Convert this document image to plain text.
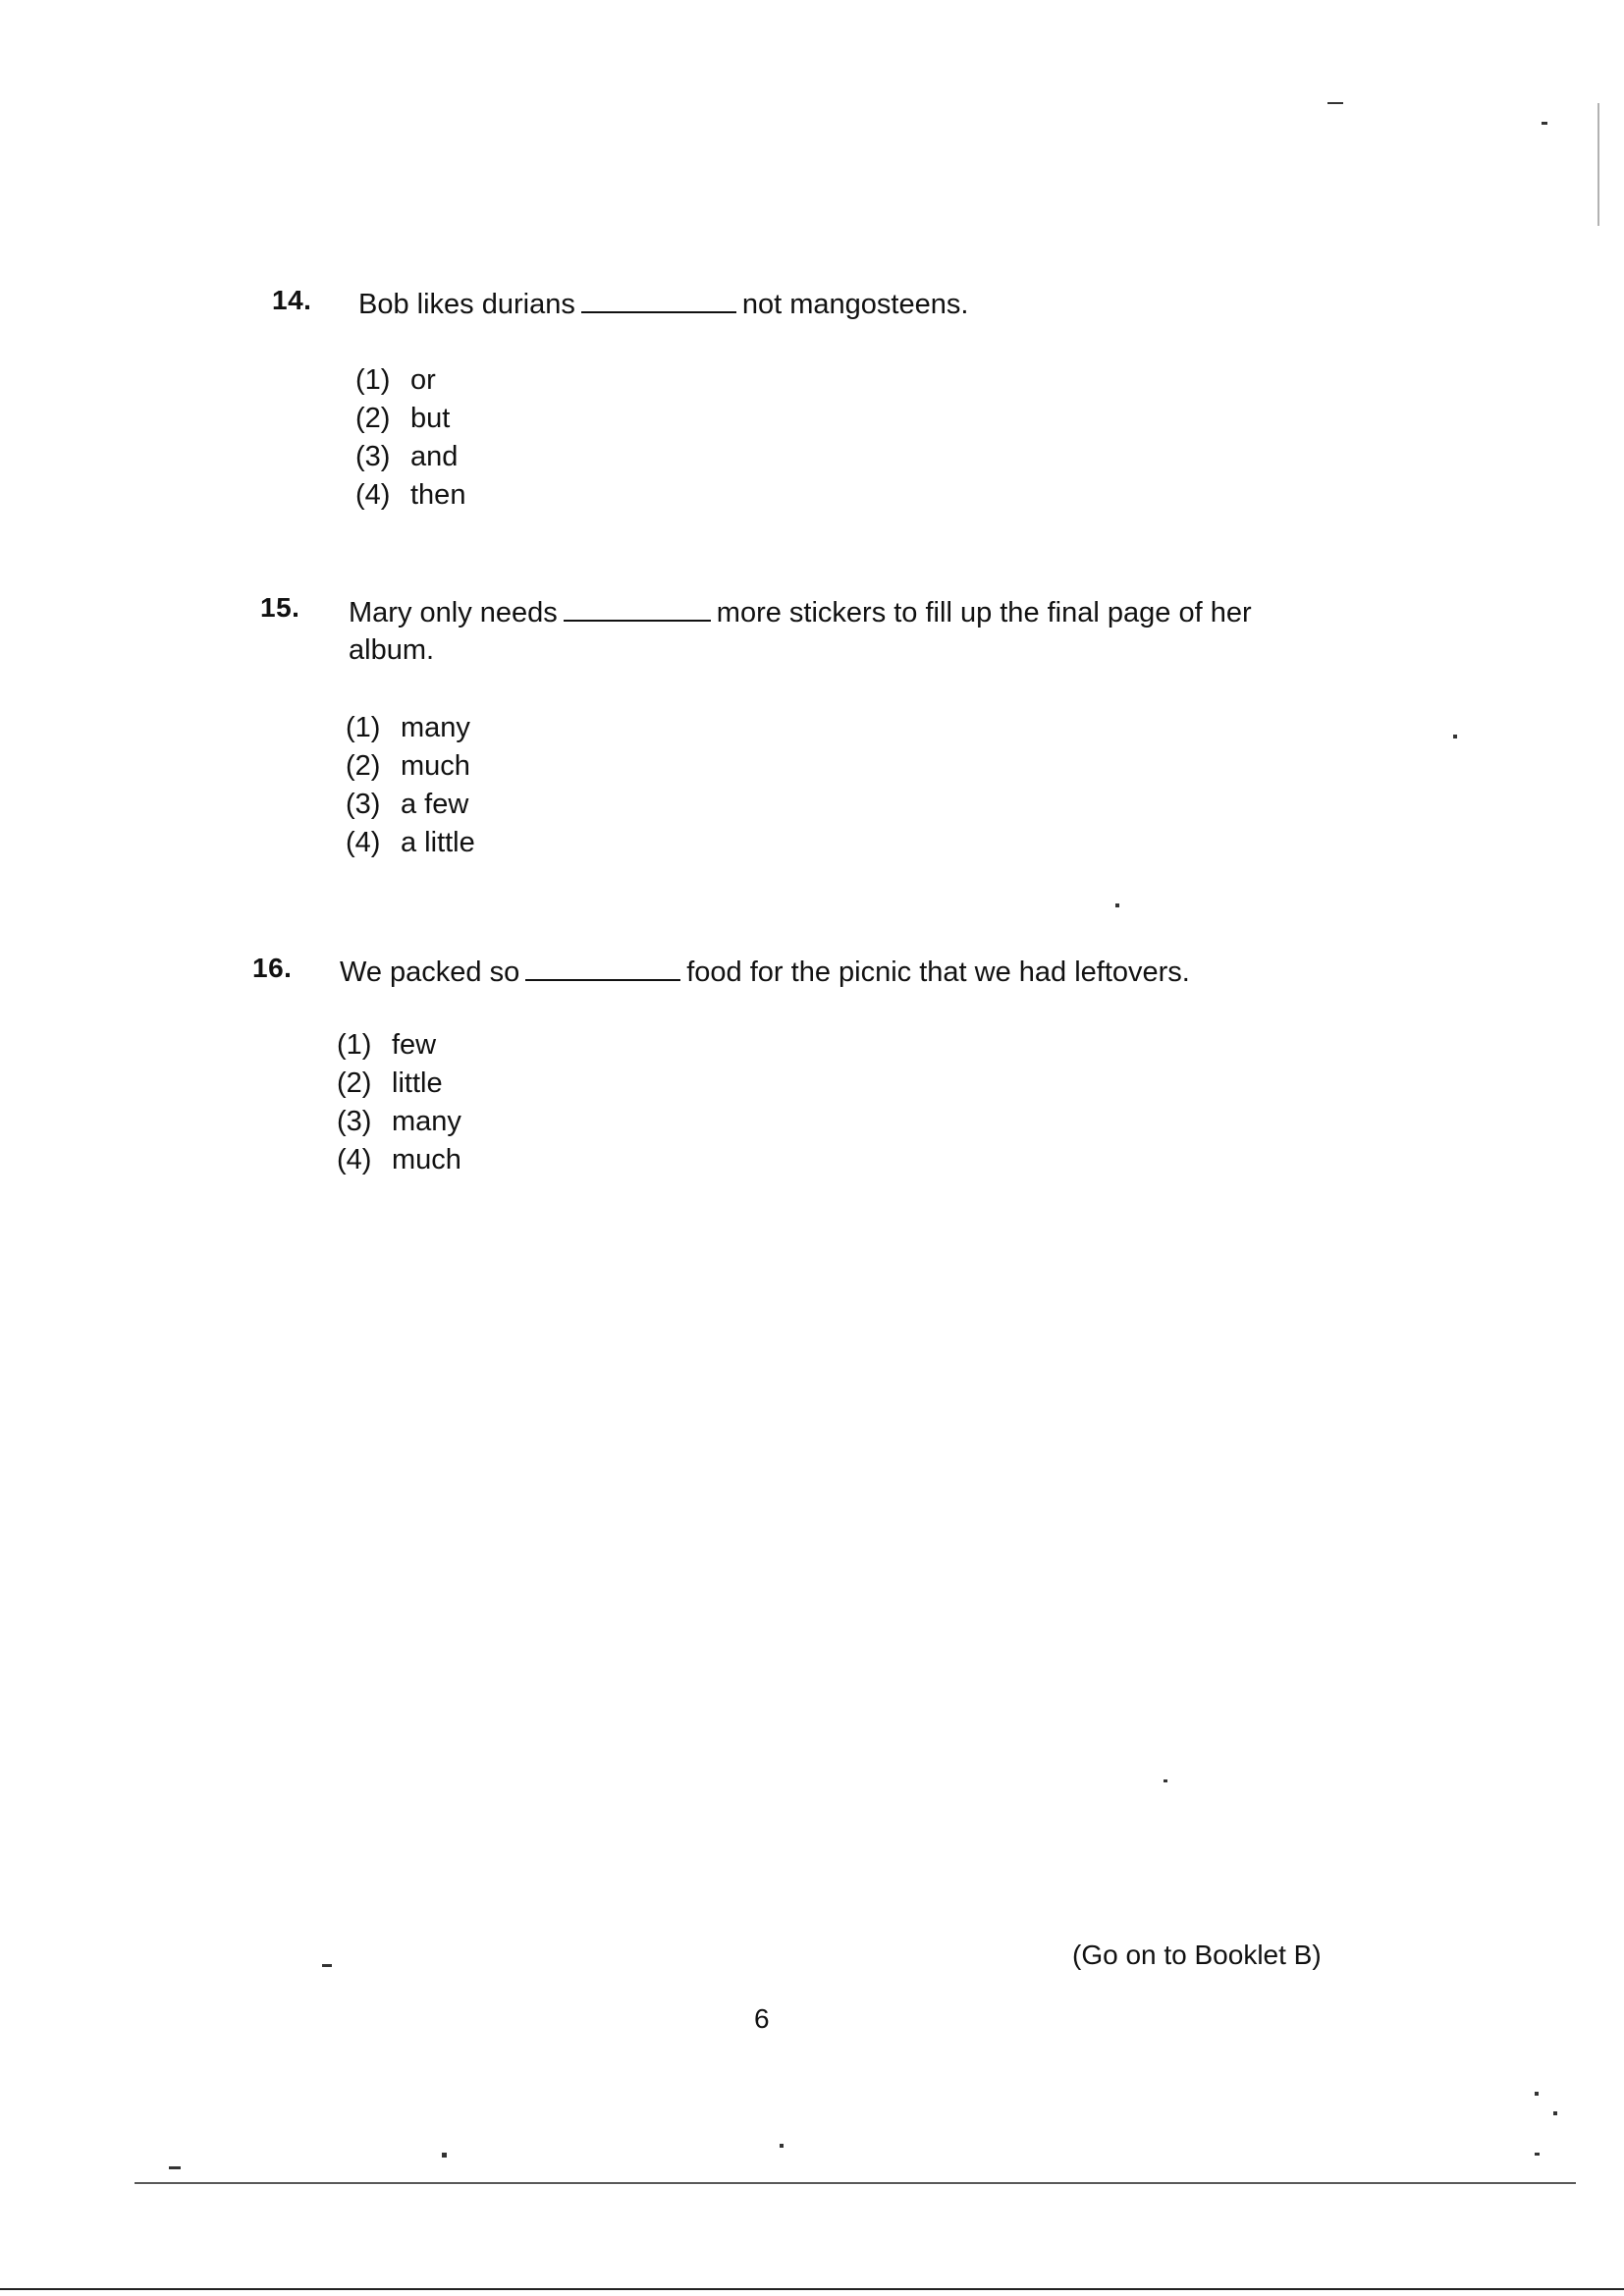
14. Bob likes durians	not mangosteens.
(1) or
(2) but
(3) and
(4) then
15. Mary only needs	more stickers to fill up the final page of her
album.
(1) many
(2) much
(3) a few
(4) a little
16. We packed so	food for the picnic that we had leftovers.
(1) few
(2) little
(3) many
(4) much
(Go on to Booklet B)
6
